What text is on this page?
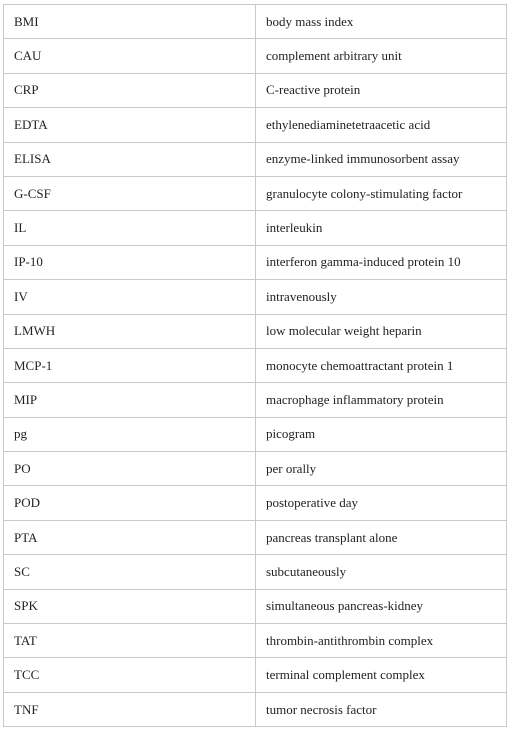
BMI	body mass index
CAU	complement arbitrary unit
CRP	C-reactive protein
EDTA	ethylenediaminetetraacetic acid
ELISA	enzyme-linked immunosorbent assay
G-CSF	granulocyte colony-stimulating factor
IL	interleukin
IP-10	interferon gamma-induced protein 10
IV	intravenously
LMWH	low molecular weight heparin
MCP-1	monocyte chemoattractant protein 1
MIP	macrophage inflammatory protein
pg	picogram
PO	per orally
POD	postoperative day
PTA	pancreas transplant alone
SC	subcutaneously
SPK	simultaneous pancreas-kidney
TAT	thrombin-antithrombin complex
TCC	terminal complement complex
TNF	tumor necrosis factor
